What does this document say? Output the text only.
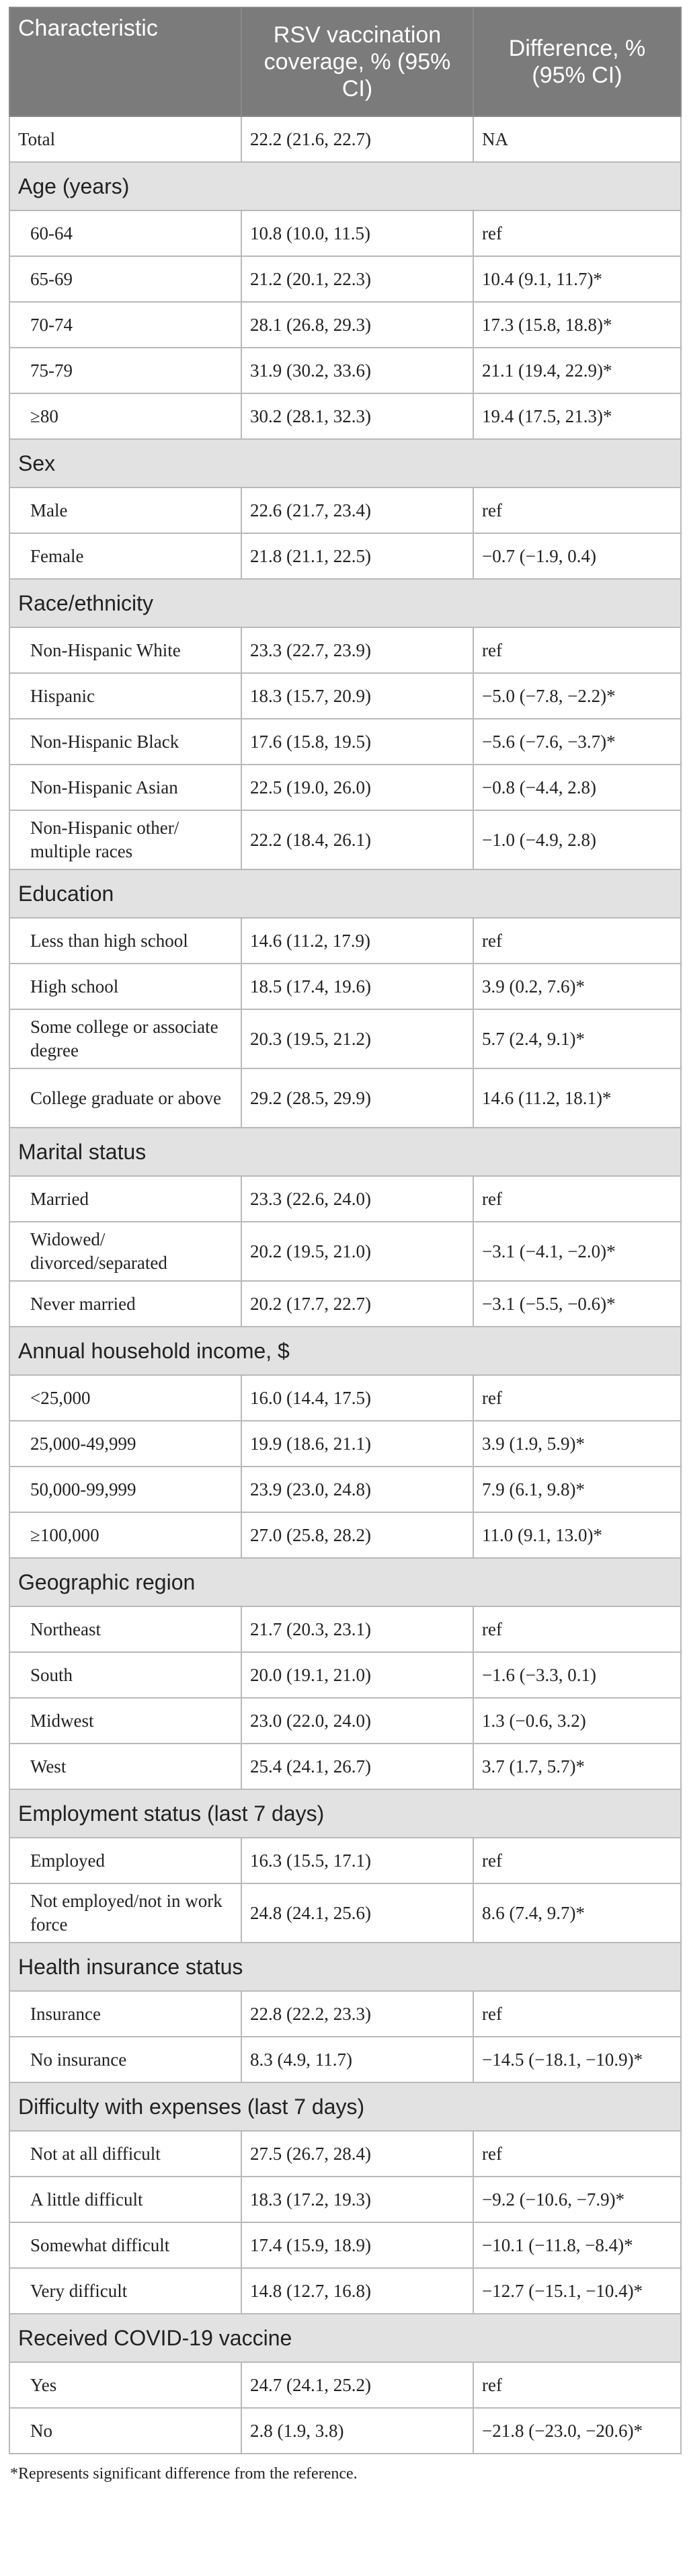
Characteristic	RSV vaccination coverage, % (95% CI)	Difference, % (95% CI)
Total	22.2 (21.6, 22.7)	NA
Age (years)		
60-64	10.8 (10.0, 11.5)	ref
65-69	21.2 (20.1, 22.3)	10.4 (9.1, 11.7)*
70-74	28.1 (26.8, 29.3)	17.3 (15.8, 18.8)*
75-79	31.9 (30.2, 33.6)	21.1 (19.4, 22.9)*
≥80	30.2 (28.1, 32.3)	19.4 (17.5, 21.3)*
Sex		
Male	22.6 (21.7, 23.4)	ref
Female	21.8 (21.1, 22.5)	−0.7 (−1.9, 0.4)
Race/ethnicity		
Non-Hispanic White	23.3 (22.7, 23.9)	ref
Hispanic	18.3 (15.7, 20.9)	−5.0 (−7.8, −2.2)*
Non-Hispanic Black	17.6 (15.8, 19.5)	−5.6 (−7.6, −3.7)*
Non-Hispanic Asian	22.5 (19.0, 26.0)	−0.8 (−4.4, 2.8)
Non-Hispanic other/ multiple races	22.2 (18.4, 26.1)	−1.0 (−4.9, 2.8)
Education		
Less than high school	14.6 (11.2, 17.9)	ref
High school	18.5 (17.4, 19.6)	3.9 (0.2, 7.6)*
Some college or associate degree	20.3 (19.5, 21.2)	5.7 (2.4, 9.1)*
College graduate or above	29.2 (28.5, 29.9)	14.6 (11.2, 18.1)*
Marital status		
Married	23.3 (22.6, 24.0)	ref
Widowed/ divorced/separated	20.2 (19.5, 21.0)	−3.1 (−4.1, −2.0)*
Never married	20.2 (17.7, 22.7)	−3.1 (−5.5, −0.6)*
Annual household income, $		
<25,000	16.0 (14.4, 17.5)	ref
25,000-49,999	19.9 (18.6, 21.1)	3.9 (1.9, 5.9)*
50,000-99,999	23.9 (23.0, 24.8)	7.9 (6.1, 9.8)*
≥100,000	27.0 (25.8, 28.2)	11.0 (9.1, 13.0)*
Geographic region		
Northeast	21.7 (20.3, 23.1)	ref
South	20.0 (19.1, 21.0)	−1.6 (−3.3, 0.1)
Midwest	23.0 (22.0, 24.0)	1.3 (−0.6, 3.2)
West	25.4 (24.1, 26.7)	3.7 (1.7, 5.7)*
Employment status (last 7 days)		
Employed	16.3 (15.5, 17.1)	ref
Not employed/not in work force	24.8 (24.1, 25.6)	8.6 (7.4, 9.7)*
Health insurance status		
Insurance	22.8 (22.2, 23.3)	ref
No insurance	8.3 (4.9, 11.7)	−14.5 (−18.1, −10.9)*
Difficulty with expenses (last 7 days)		
Not at all difficult	27.5 (26.7, 28.4)	ref
A little difficult	18.3 (17.2, 19.3)	−9.2 (−10.6, −7.9)*
Somewhat difficult	17.4 (15.9, 18.9)	−10.1 (−11.8, −8.4)*
Very difficult	14.8 (12.7, 16.8)	−12.7 (−15.1, −10.4)*
Received COVID-19 vaccine		
Yes	24.7 (24.1, 25.2)	ref
No	2.8 (1.9, 3.8)	−21.8 (−23.0, −20.6)*
*Represents significant difference from the reference.
